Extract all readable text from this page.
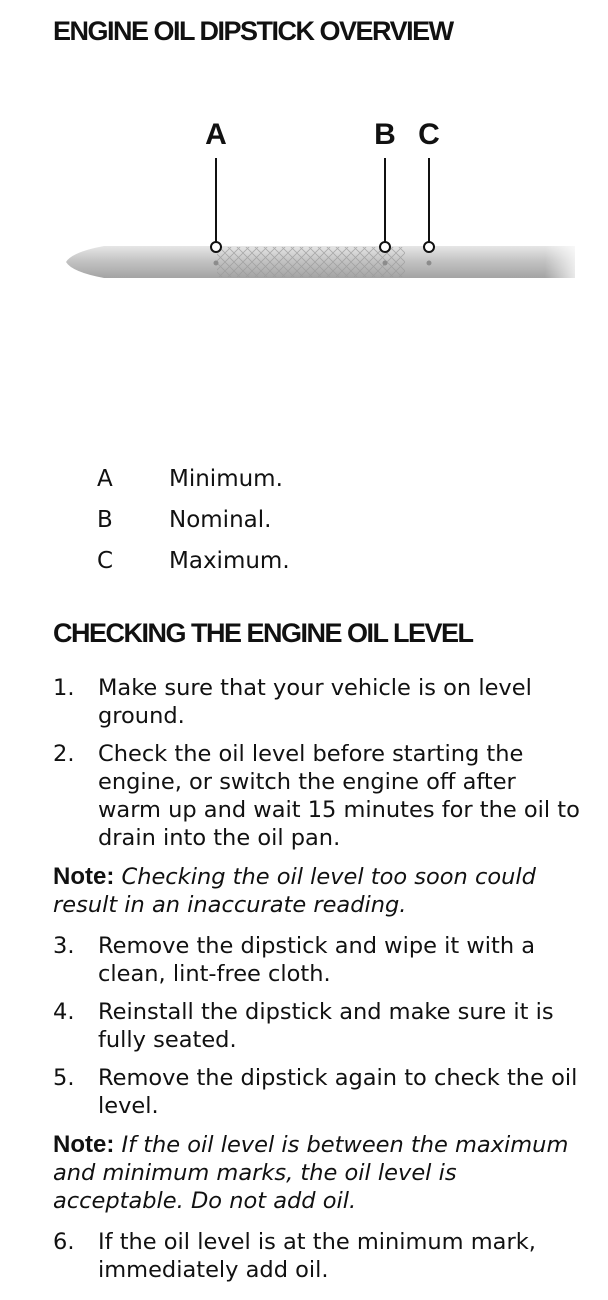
ENGINE OIL DIPSTICK OVERVIEW
A	B C
A	Minimum.
B	Nominal.
C	Maximum.
CHECKING THE ENGINE OIL LEVEL
1.	Make sure that your vehicle is on level ground.
2.	Check the oil level before starting the engine, or switch the engine off after warm up and wait 15 minutes for the oil to drain into the oil pan.

Note: Checking the oil level too soon could result in an inaccurate reading.

3.	Remove the dipstick and wipe it with a clean, lint-free cloth.
4.	Reinstall the dipstick and make sure it is fully seated.
5.	Remove the dipstick again to check the oil level.

Note: If the oil level is between the maximum and minimum marks, the oil level is acceptable. Do not add oil.

6.	If the oil level is at the minimum mark, immediately add oil.
